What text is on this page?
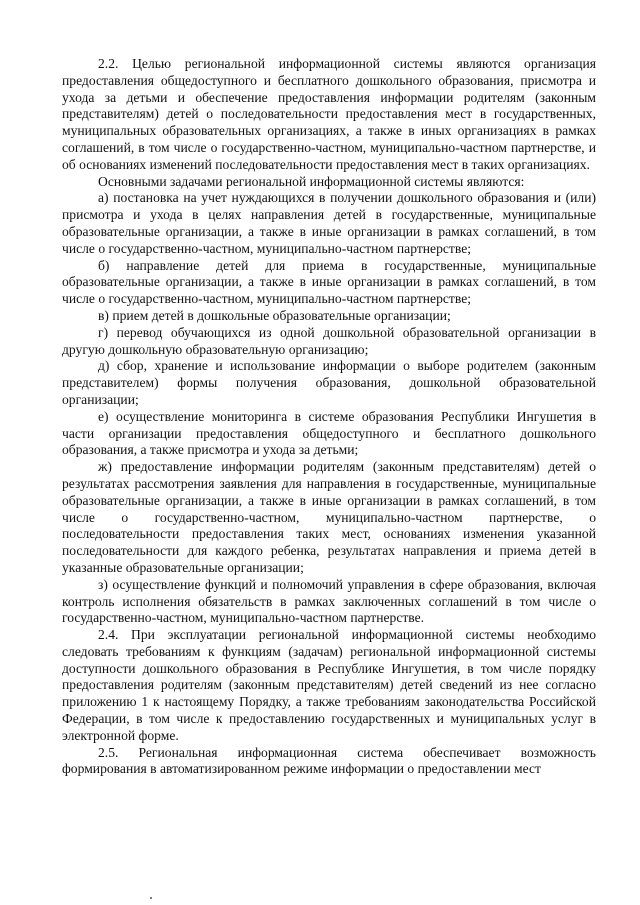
2.2. Целью региональной информационной системы являются организация предоставления общедоступного и бесплатного дошкольного образования, присмотра и ухода за детьми и обеспечение предоставления информации родителям (законным представителям) детей о последовательности предоставления мест в государственных, муниципальных образовательных организациях, а также в иных организациях в рамках соглашений, в том числе о государственно-частном, муниципально-частном партнерстве, и об основаниях изменений последовательности предоставления мест в таких организациях.

Основными задачами региональной информационной системы являются:

а) постановка на учет нуждающихся в получении дошкольного образования и (или) присмотра и ухода в целях направления детей в государственные, муниципальные образовательные организации, а также в иные организации в рамках соглашений, в том числе о государственно-частном, муниципально-частном партнерстве;

б) направление детей для приема в государственные, муниципальные образовательные организации, а также в иные организации в рамках соглашений, в том числе о государственно-частном, муниципально-частном партнерстве;

в) прием детей в дошкольные образовательные организации;

г) перевод обучающихся из одной дошкольной образовательной организации в другую дошкольную образовательную организацию;

д) сбор, хранение и использование информации о выборе родителем (законным представителем) формы получения образования, дошкольной образовательной организации;

е) осуществление мониторинга в системе образования Республики Ингушетия в части организации предоставления общедоступного и бесплатного дошкольного образования, а также присмотра и ухода за детьми;

ж) предоставление информации родителям (законным представителям) детей о результатах рассмотрения заявления для направления в государственные, муниципальные образовательные организации, а также в иные организации в рамках соглашений, в том числе о государственно-частном, муниципально-частном партнерстве, о последовательности предоставления таких мест, основаниях изменения указанной последовательности для каждого ребенка, результатах направления и приема детей в указанные образовательные организации;

з) осуществление функций и полномочий управления в сфере образования, включая контроль исполнения обязательств в рамках заключенных соглашений в том числе о государственно-частном, муниципально-частном партнерстве.

2.4. При эксплуатации региональной информационной системы необходимо следовать требованиям к функциям (задачам) региональной информационной системы доступности дошкольного образования в Республике Ингушетия, в том числе порядку предоставления родителям (законным представителям) детей сведений из нее согласно приложению 1 к настоящему Порядку, а также требованиям законодательства Российской Федерации, в том числе к предоставлению государственных и муниципальных услуг в электронной форме.

2.5. Региональная информационная система обеспечивает возможность формирования в автоматизированном режиме информации о предоставлении мест
